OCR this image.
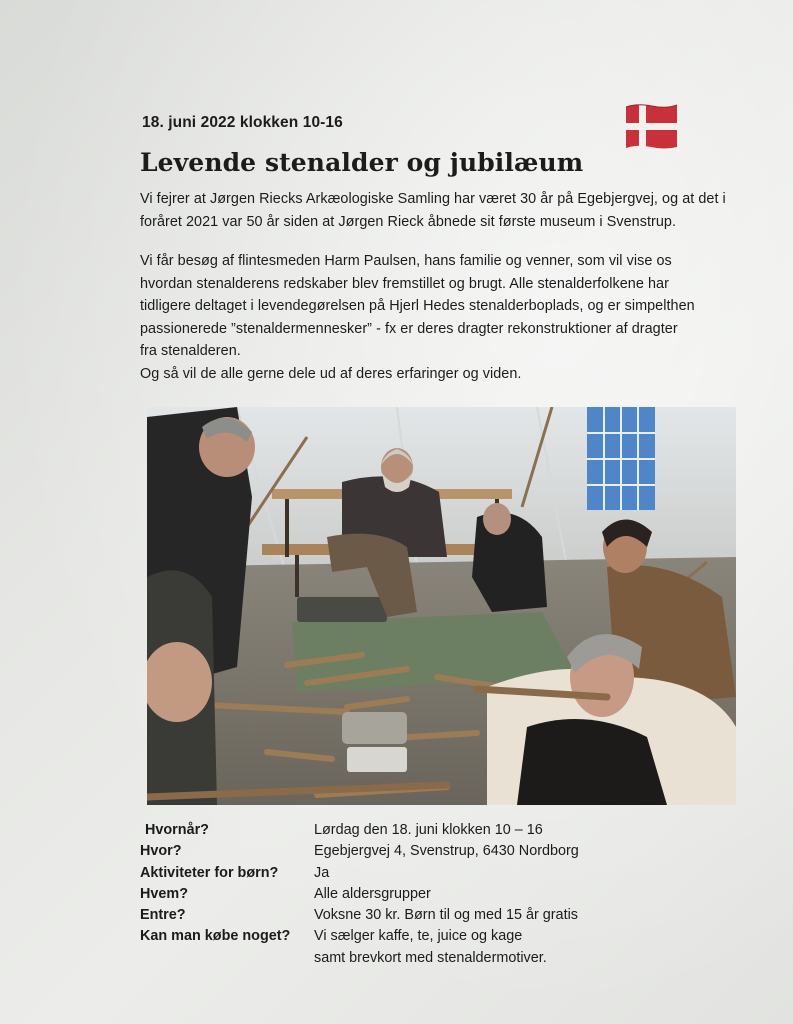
18. juni 2022 klokken 10-16
Levende stenalder og jubilæum

Vi fejrer at Jørgen Riecks Arkæologiske Samling har været 30 år på Egebjergvej, og at det i foråret 2021 var 50 år siden at Jørgen Rieck åbnede sit første museum i Svenstrup.

Vi får besøg af flintesmeden Harm Paulsen, hans familie og venner, som vil vise os
hvordan stenalderens redskaber blev fremstillet og brugt. Alle stenalderfolkene har
tidligere deltaget i levendegørelsen på Hjerl Hedes stenalderboplads, og er simpelthen
passionerede ”stenaldermennesker” - fx er deres dragter rekonstruktioner af dragter
fra stenalderen.
Og så vil de alle gerne dele ud af deres erfaringer og viden.
Hvornår?	Lørdag den 18. juni klokken 10 – 16
Hvor?	Egebjergvej 4, Svenstrup, 6430 Nordborg
Aktiviteter for børn? Ja
Hvem?	Alle aldersgrupper
Entre?	Voksne 30 kr. Børn til og med 15 år gratis
Kan man købe noget? Vi sælger kaffe, te, juice og kage
samt brevkort med stenaldermotiver.
